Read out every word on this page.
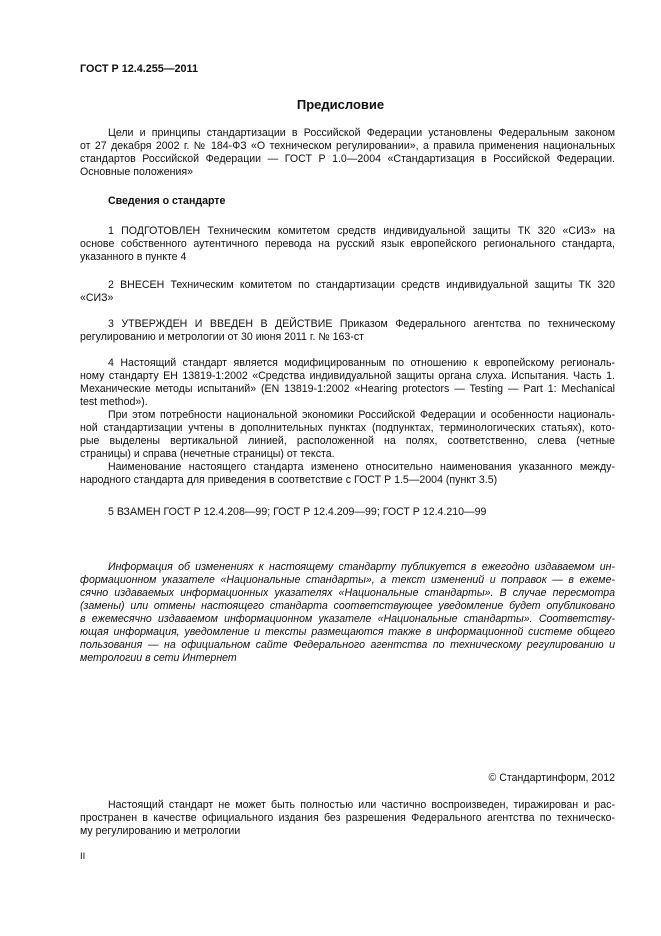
ГОСТ Р 12.4.255—2011
Предисловие
Цели и принципы стандартизации в Российской Федерации установлены Федеральным законом
от 27 декабря 2002 г. № 184-ФЗ «О техническом регулировании», а правила применения национальных
стандартов Российской Федерации — ГОСТ Р 1.0—2004 «Стандартизация в Российской Федерации.
Основные положения»
Сведения о стандарте
1 ПОДГОТОВЛЕН Техническим комитетом средств индивидуальной защиты ТК 320 «СИЗ» на
основе собственного аутентичного перевода на русский язык европейского регионального стандарта,
указанного в пункте 4
2 ВНЕСЕН Техническим комитетом по стандартизации средств индивидуальной защиты ТК 320
«СИЗ»
3 УТВЕРЖДЕН И ВВЕДЕН В ДЕЙСТВИЕ Приказом Федерального агентства по техническому
регулированию и метрологии от 30 июня 2011 г. № 163-ст
4 Настоящий стандарт является модифицированным по отношению к европейскому региональ-
ному стандарту ЕН 13819-1:2002 «Средства индивидуальной защиты органа слуха. Испытания. Часть 1.
Механические методы испытаний» (EN 13819-1:2002 «Hearing protectors — Testing — Part 1: Mechanical
test method»).
При этом потребности национальной экономики Российской Федерации и особенности националь-
ной стандартизации учтены в дополнительных пунктах (подпунктах, терминологических статьях), кото-
рые выделены вертикальной линией, расположенной на полях, соответственно, слева (четные
страницы) и справа (нечетные страницы) от текста.
Наименование настоящего стандарта изменено относительно наименования указанного между-
народного стандарта для приведения в соответствие с ГОСТ Р 1.5—2004 (пункт 3.5)
5 ВЗАМЕН ГОСТ Р 12.4.208—99; ГОСТ Р 12.4.209—99; ГОСТ Р 12.4.210—99
Информация об изменениях к настоящему стандарту публикуется в ежегодно издаваемом ин-
формационном указателе «Национальные стандарты», а текст изменений и поправок — в ежеме-
сячно издаваемых информационных указателях «Национальные стандарты». В случае пересмотра
(замены) или отмены настоящего стандарта соответствующее уведомление будет опубликовано
в ежемесячно издаваемом информационном указателе «Национальные стандарты». Соответству-
ющая информация, уведомление и тексты размещаются также в информационной системе общего
пользования — на официальном сайте Федерального агентства по техническому регулированию и
метрологии в сети Интернет
© Стандартинформ, 2012
Настоящий стандарт не может быть полностью или частично воспроизведен, тиражирован и рас-
пространен в качестве официального издания без разрешения Федерального агентства по техническо-
му регулированию и метрологии
II
